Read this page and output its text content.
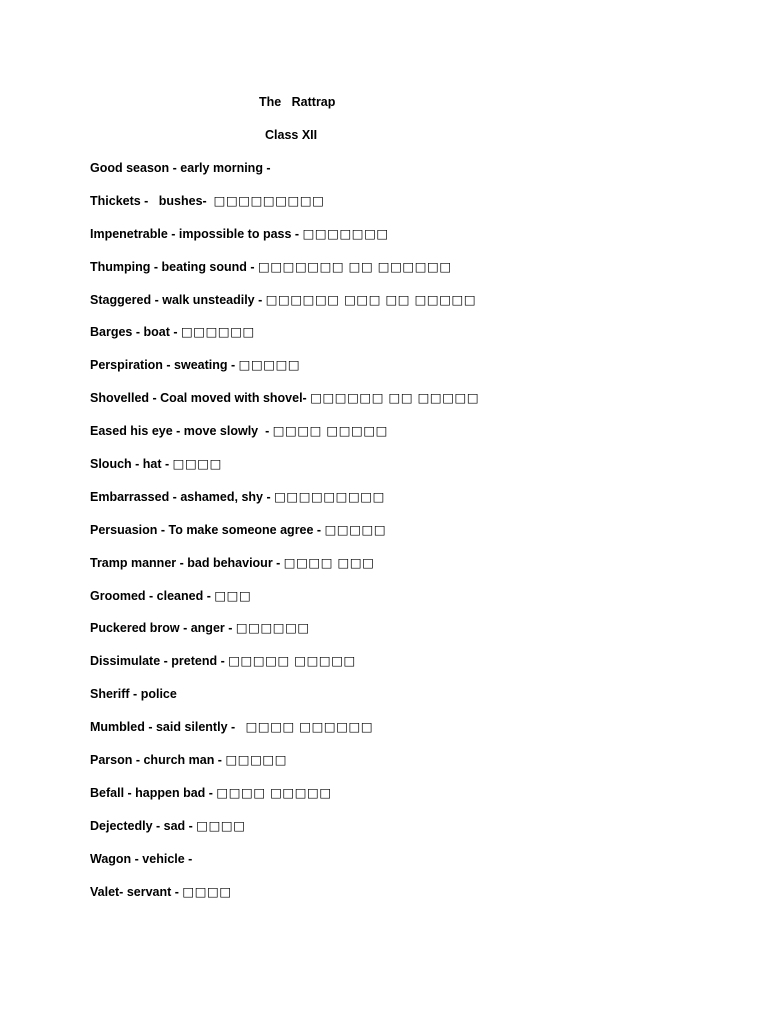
The   Rattrap
Class XII
Good season - early morning -
Thickets -   bushes-  □□□□□□□□□
Impenetrable - impossible to pass - □□□□□□□
Thumping - beating sound - □□□□□□□ □□ □□□□□□
Staggered - walk unsteadily - □□□□□□ □□□ □□ □□□□□
Barges - boat - □□□□□□
Perspiration - sweating - □□□□□
Shovelled - Coal moved with shovel- □□□□□□ □□ □□□□□
Eased his eye - move slowly  - □□□□ □□□□□
Slouch - hat - □□□□
Embarrassed - ashamed, shy - □□□□□□□□□
Persuasion - To make someone agree - □□□□□
Tramp manner - bad behaviour - □□□□ □□□
Groomed - cleaned - □□□
Puckered brow - anger - □□□□□□
Dissimulate - pretend - □□□□□ □□□□□
Sheriff - police
Mumbled - said silently -   □□□□ □□□□□□
Parson - church man - □□□□□
Befall - happen bad - □□□□ □□□□□
Dejectedly - sad - □□□□
Wagon - vehicle -
Valet- servant - □□□□
